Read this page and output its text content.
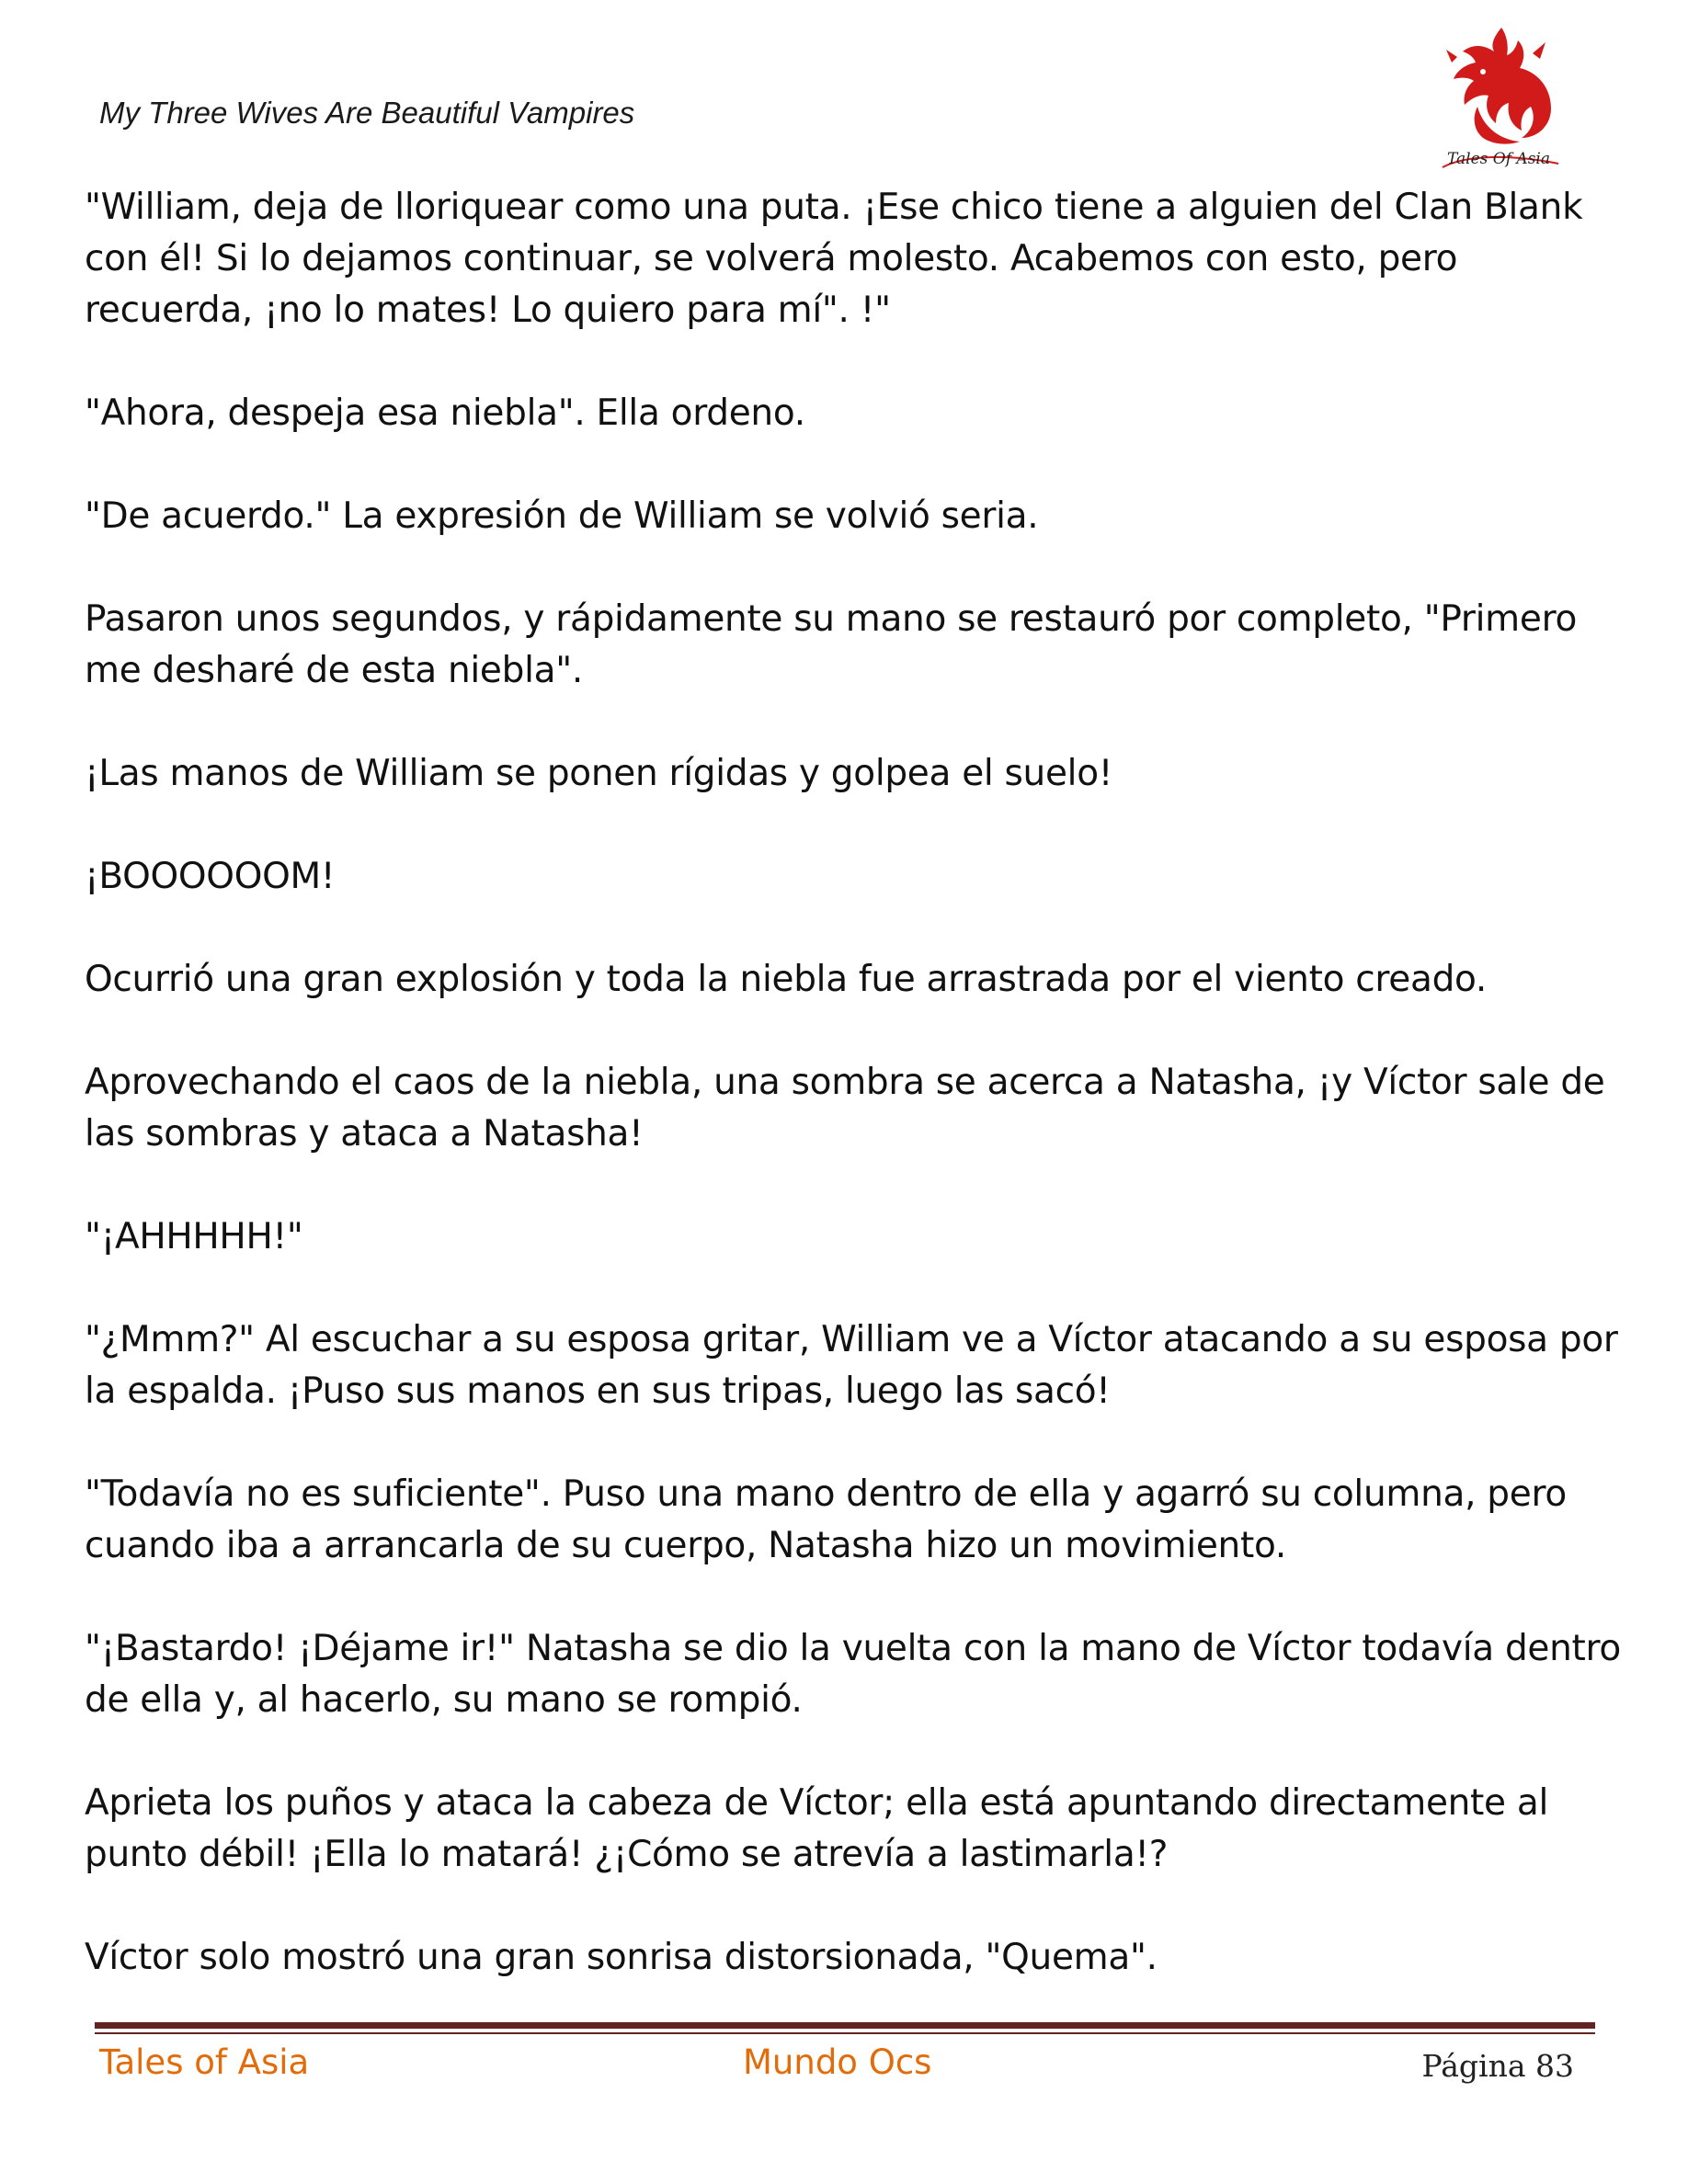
My Three Wives Are Beautiful Vampires
Tales Of Asia

"William, deja de lloriquear como una puta. ¡Ese chico tiene a alguien del Clan Blank con él! Si lo dejamos continuar, se volverá molesto. Acabemos con esto, pero recuerda, ¡no lo mates! Lo quiero para mí". !"

"Ahora, despeja esa niebla". Ella ordeno.

"De acuerdo." La expresión de William se volvió seria.

Pasaron unos segundos, y rápidamente su mano se restauró por completo, "Primero me desharé de esta niebla".

¡Las manos de William se ponen rígidas y golpea el suelo!

¡BOOOOOOM!

Ocurrió una gran explosión y toda la niebla fue arrastrada por el viento creado.

Aprovechando el caos de la niebla, una sombra se acerca a Natasha, ¡y Víctor sale de las sombras y ataca a Natasha!

"¡AHHHHH!"

"¿Mmm?" Al escuchar a su esposa gritar, William ve a Víctor atacando a su esposa por la espalda. ¡Puso sus manos en sus tripas, luego las sacó!

"Todavía no es suficiente". Puso una mano dentro de ella y agarró su columna, pero cuando iba a arrancarla de su cuerpo, Natasha hizo un movimiento.

"¡Bastardo! ¡Déjame ir!" Natasha se dio la vuelta con la mano de Víctor todavía dentro de ella y, al hacerlo, su mano se rompió.

Aprieta los puños y ataca la cabeza de Víctor; ella está apuntando directamente al punto débil! ¡Ella lo matará! ¿¡Cómo se atrevía a lastimarla!?

Víctor solo mostró una gran sonrisa distorsionada, "Quema".

Tales of Asia	Mundo Ocs	Página 83
